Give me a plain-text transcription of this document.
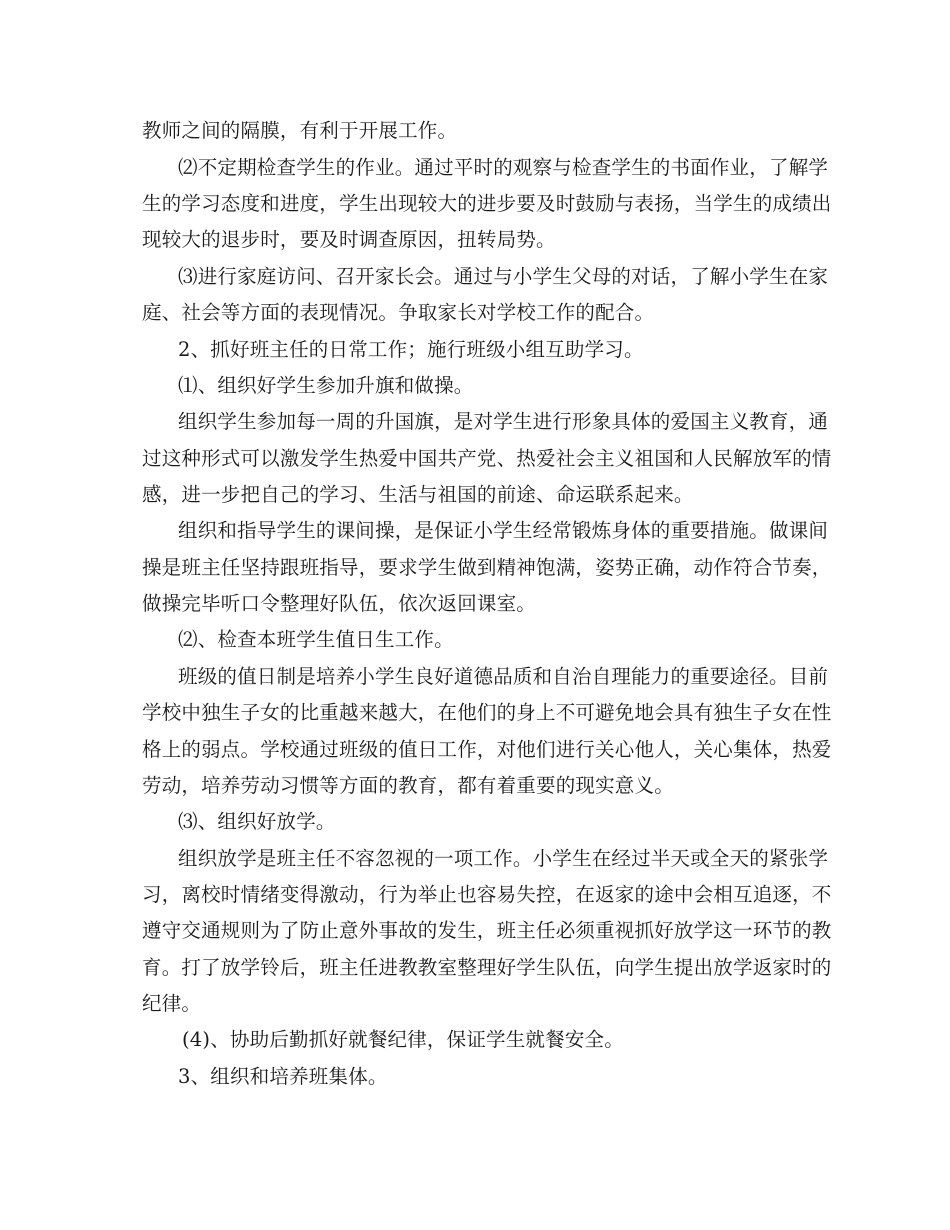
教师之间的隔膜，有利于开展工作。
⑵不定期检查学生的作业。通过平时的观察与检查学生的书面作业，了解学
生的学习态度和进度，学生出现较大的进步要及时鼓励与表扬，当学生的成绩出
现较大的退步时，要及时调查原因，扭转局势。
⑶进行家庭访问、召开家长会。通过与小学生父母的对话，了解小学生在家
庭、社会等方面的表现情况。争取家长对学校工作的配合。
2、抓好班主任的日常工作；施行班级小组互助学习。
⑴、组织好学生参加升旗和做操。
组织学生参加每一周的升国旗，是对学生进行形象具体的爱国主义教育，通
过这种形式可以激发学生热爱中国共产党、热爱社会主义祖国和人民解放军的情
感，进一步把自己的学习、生活与祖国的前途、命运联系起来。
组织和指导学生的课间操，是保证小学生经常锻炼身体的重要措施。做课间
操是班主任坚持跟班指导，要求学生做到精神饱满，姿势正确，动作符合节奏，
做操完毕听口令整理好队伍，依次返回课室。
⑵、检查本班学生值日生工作。
班级的值日制是培养小学生良好道德品质和自治自理能力的重要途径。目前
学校中独生子女的比重越来越大，在他们的身上不可避免地会具有独生子女在性
格上的弱点。学校通过班级的值日工作，对他们进行关心他人，关心集体，热爱
劳动，培养劳动习惯等方面的教育，都有着重要的现实意义。
⑶、组织好放学。
组织放学是班主任不容忽视的一项工作。小学生在经过半天或全天的紧张学
习，离校时情绪变得激动，行为举止也容易失控，在返家的途中会相互追逐，不
遵守交通规则为了防止意外事故的发生，班主任必须重视抓好放学这一环节的教
育。打了放学铃后，班主任进教教室整理好学生队伍，向学生提出放学返家时的
纪律。
(4)、协助后勤抓好就餐纪律，保证学生就餐安全。
3、组织和培养班集体。
